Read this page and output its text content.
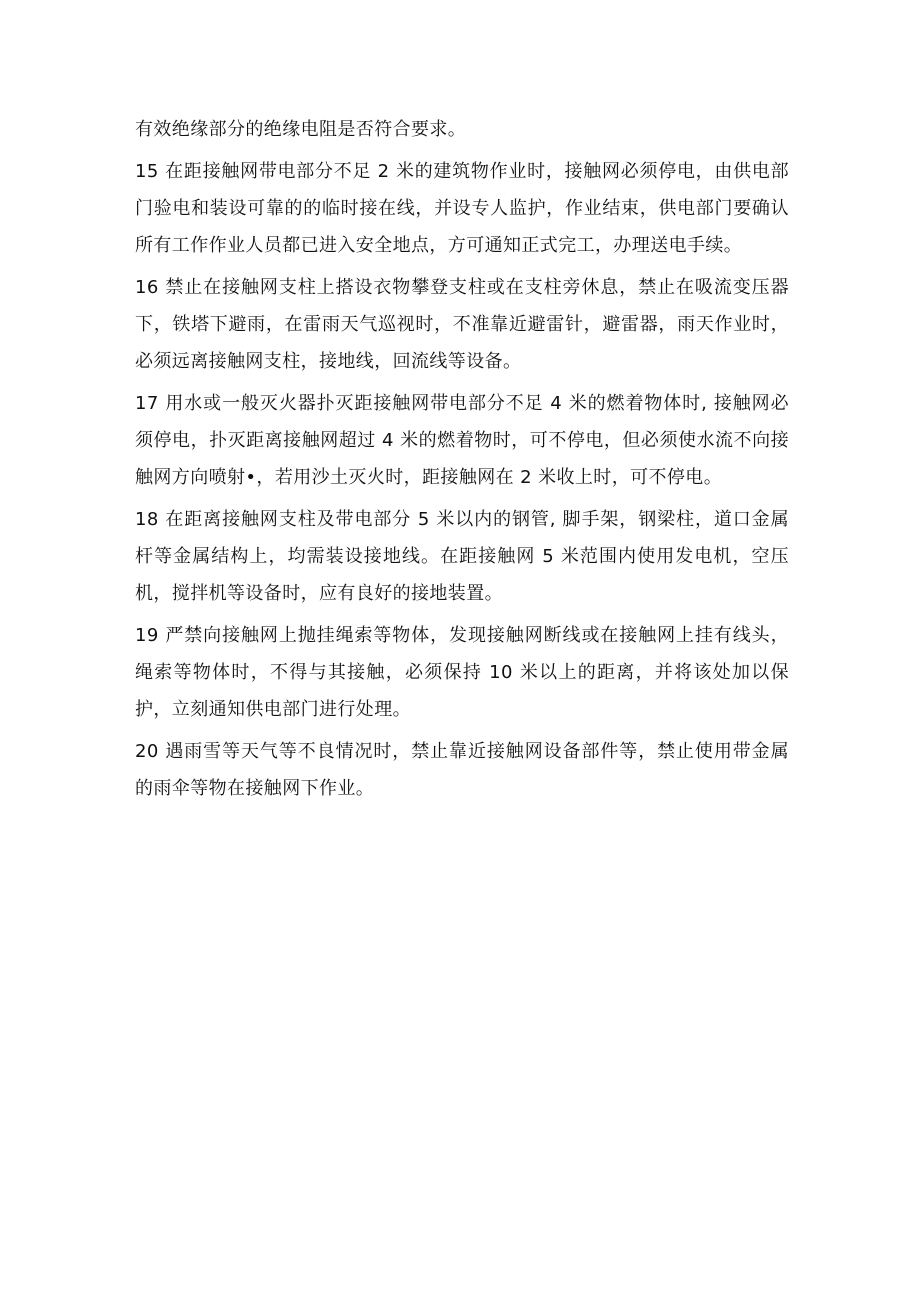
有效绝缘部分的绝缘电阻是否符合要求。

15 在距接触网带电部分不足 2 米的建筑物作业时，接触网必须停电，由供电部门验电和装设可靠的的临时接在线，并设专人监护，作业结束，供电部门要确认所有工作作业人员都已进入安全地点，方可通知正式完工，办理送电手续。

16 禁止在接触网支柱上搭设衣物攀登支柱或在支柱旁休息，禁止在吸流变压器下，铁塔下避雨，在雷雨天气巡视时，不准靠近避雷针，避雷器，雨天作业时，必须远离接触网支柱，接地线，回流线等设备。

17 用水或一般灭火器扑灭距接触网带电部分不足 4 米的燃着物体时, 接触网必须停电，扑灭距离接触网超过 4 米的燃着物时，可不停电，但必须使水流不向接触网方向喷射•，若用沙土灭火时，距接触网在 2 米收上时，可不停电。

18 在距离接触网支柱及带电部分 5 米以内的钢管, 脚手架，钢梁柱，道口金属杆等金属结构上，均需装设接地线。在距接触网 5 米范围内使用发电机，空压机，搅拌机等设备时，应有良好的接地装置。

19 严禁向接触网上抛挂绳索等物体，发现接触网断线或在接触网上挂有线头，绳索等物体时，不得与其接触，必须保持 10 米以上的距离，并将该处加以保护，立刻通知供电部门进行处理。

20 遇雨雪等天气等不良情况时，禁止靠近接触网设备部件等，禁止使用带金属的雨伞等物在接触网下作业。
